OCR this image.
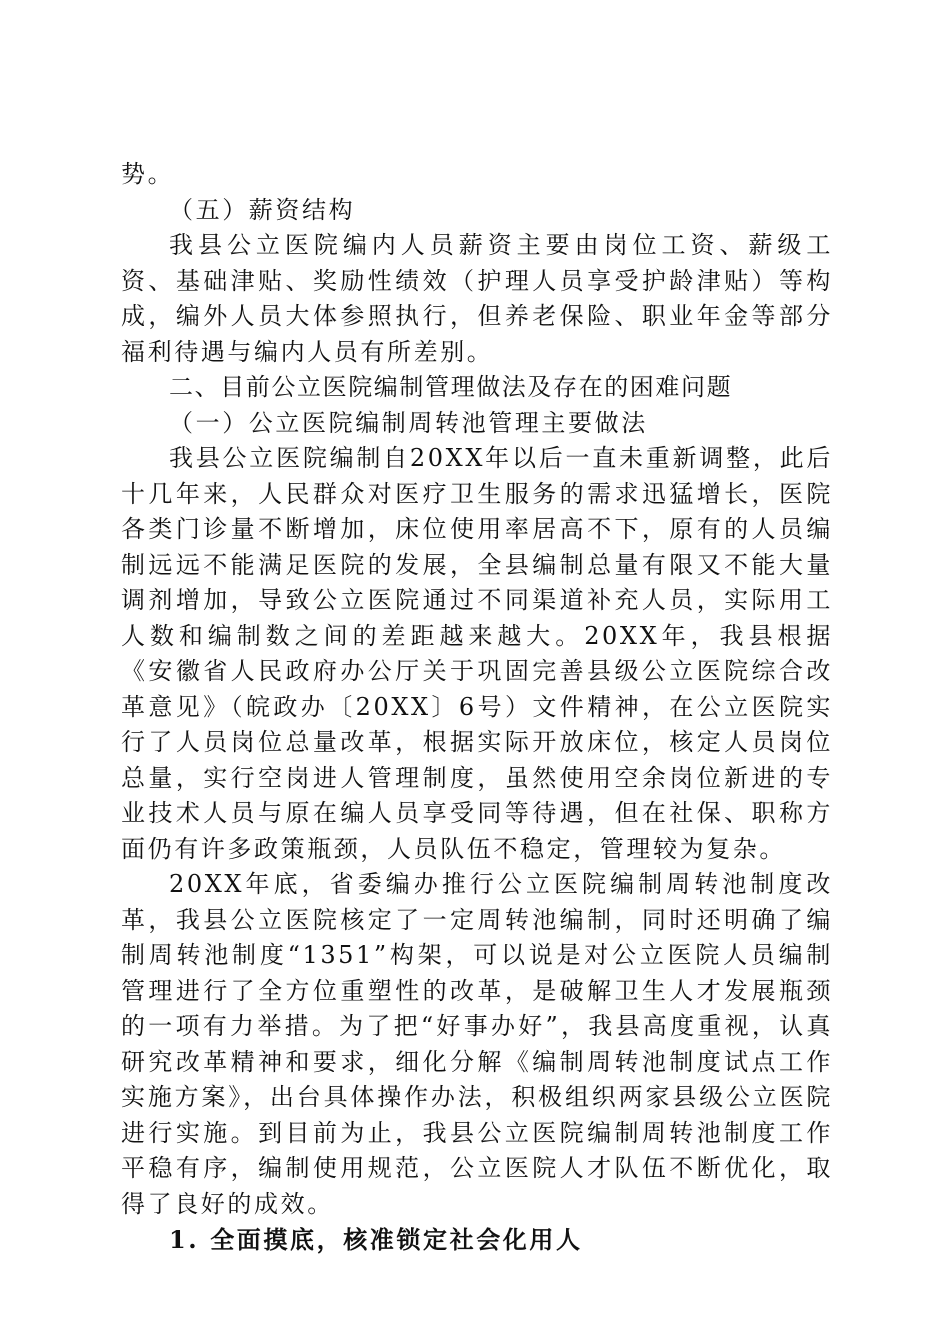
势。

（五）薪资结构

我县公立医院编内人员薪资主要由岗位工资、薪级工资、基础津贴、奖励性绩效（护理人员享受护龄津贴）等构成，编外人员大体参照执行，但养老保险、职业年金等部分福利待遇与编内人员有所差别。

二、目前公立医院编制管理做法及存在的困难问题

（一）公立医院编制周转池管理主要做法

我县公立医院编制自20XX年以后一直未重新调整，此后十几年来，人民群众对医疗卫生服务的需求迅猛增长，医院各类门诊量不断增加，床位使用率居高不下，原有的人员编制远远不能满足医院的发展，全县编制总量有限又不能大量调剂增加，导致公立医院通过不同渠道补充人员，实际用工人数和编制数之间的差距越来越大。20XX年，我县根据《安徽省人民政府办公厅关于巩固完善县级公立医院综合改革意见》（皖政办〔20XX〕6号）文件精神，在公立医院实行了人员岗位总量改革，根据实际开放床位，核定人员岗位总量，实行空岗进人管理制度，虽然使用空余岗位新进的专业技术人员与原在编人员享受同等待遇，但在社保、职称方面仍有许多政策瓶颈，人员队伍不稳定，管理较为复杂。

20XX年底，省委编办推行公立医院编制周转池制度改革，我县公立医院核定了一定周转池编制，同时还明确了编制周转池制度“1351”构架，可以说是对公立医院人员编制管理进行了全方位重塑性的改革，是破解卫生人才发展瓶颈的一项有力举措。为了把“好事办好”，我县高度重视，认真研究改革精神和要求，细化分解《编制周转池制度试点工作实施方案》，出台具体操作办法，积极组织两家县级公立医院进行实施。到目前为止，我县公立医院编制周转池制度工作平稳有序，编制使用规范，公立医院人才队伍不断优化，取得了良好的成效。

1. 全面摸底，核准锁定社会化用人
